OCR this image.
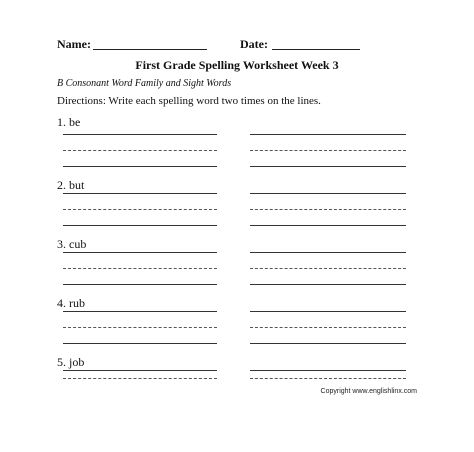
Name:	Date:
First Grade Spelling Worksheet Week 3
B Consonant Word Family and Sight Words
Directions: Write each spelling word two times on the lines.
1. be
2. but
3. cub
4. rub
5. job
Copyright www.englishlinx.com
